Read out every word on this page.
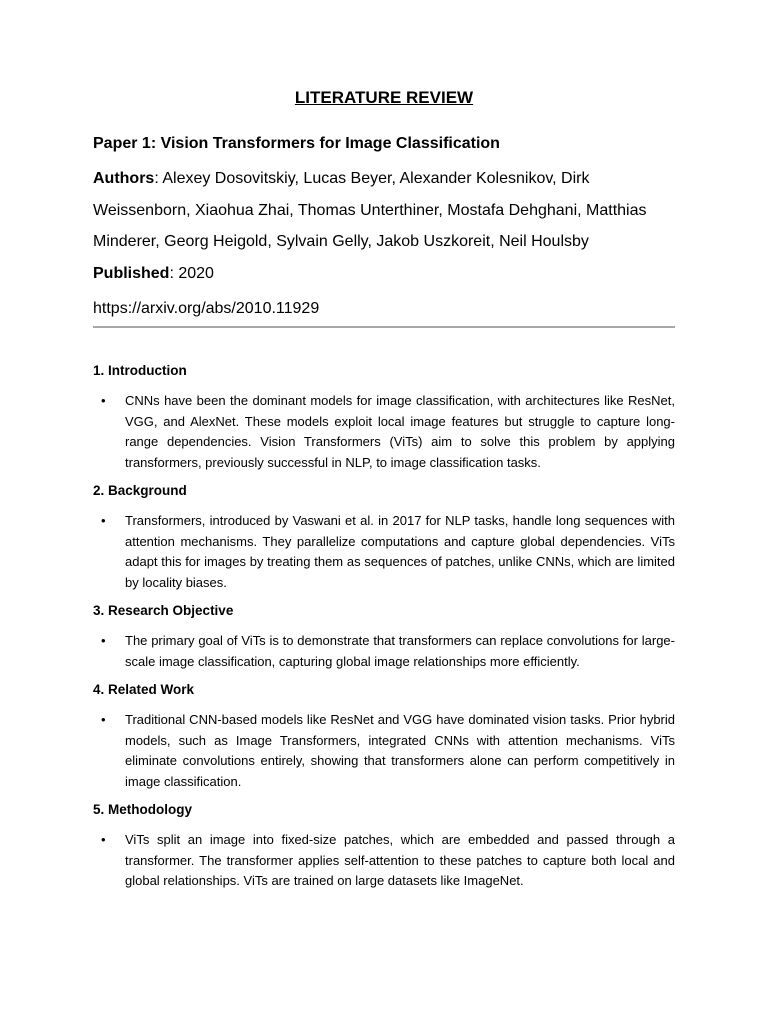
LITERATURE REVIEW

Paper 1: Vision Transformers for Image Classification

Authors: Alexey Dosovitskiy, Lucas Beyer, Alexander Kolesnikov, Dirk Weissenborn, Xiaohua Zhai, Thomas Unterthiner, Mostafa Dehghani, Matthias Minderer, Georg Heigold, Sylvain Gelly, Jakob Uszkoreit, Neil Houlsby

Published: 2020

https://arxiv.org/abs/2010.11929

1. Introduction

• CNNs have been the dominant models for image classification, with architectures like ResNet, VGG, and AlexNet. These models exploit local image features but struggle to capture long-range dependencies. Vision Transformers (ViTs) aim to solve this problem by applying transformers, previously successful in NLP, to image classification tasks.

2. Background

• Transformers, introduced by Vaswani et al. in 2017 for NLP tasks, handle long sequences with attention mechanisms. They parallelize computations and capture global dependencies. ViTs adapt this for images by treating them as sequences of patches, unlike CNNs, which are limited by locality biases.

3. Research Objective

• The primary goal of ViTs is to demonstrate that transformers can replace convolutions for large-scale image classification, capturing global image relationships more efficiently.

4. Related Work

• Traditional CNN-based models like ResNet and VGG have dominated vision tasks. Prior hybrid models, such as Image Transformers, integrated CNNs with attention mechanisms. ViTs eliminate convolutions entirely, showing that transformers alone can perform competitively in image classification.

5. Methodology

• ViTs split an image into fixed-size patches, which are embedded and passed through a transformer. The transformer applies self-attention to these patches to capture both local and global relationships. ViTs are trained on large datasets like ImageNet.
